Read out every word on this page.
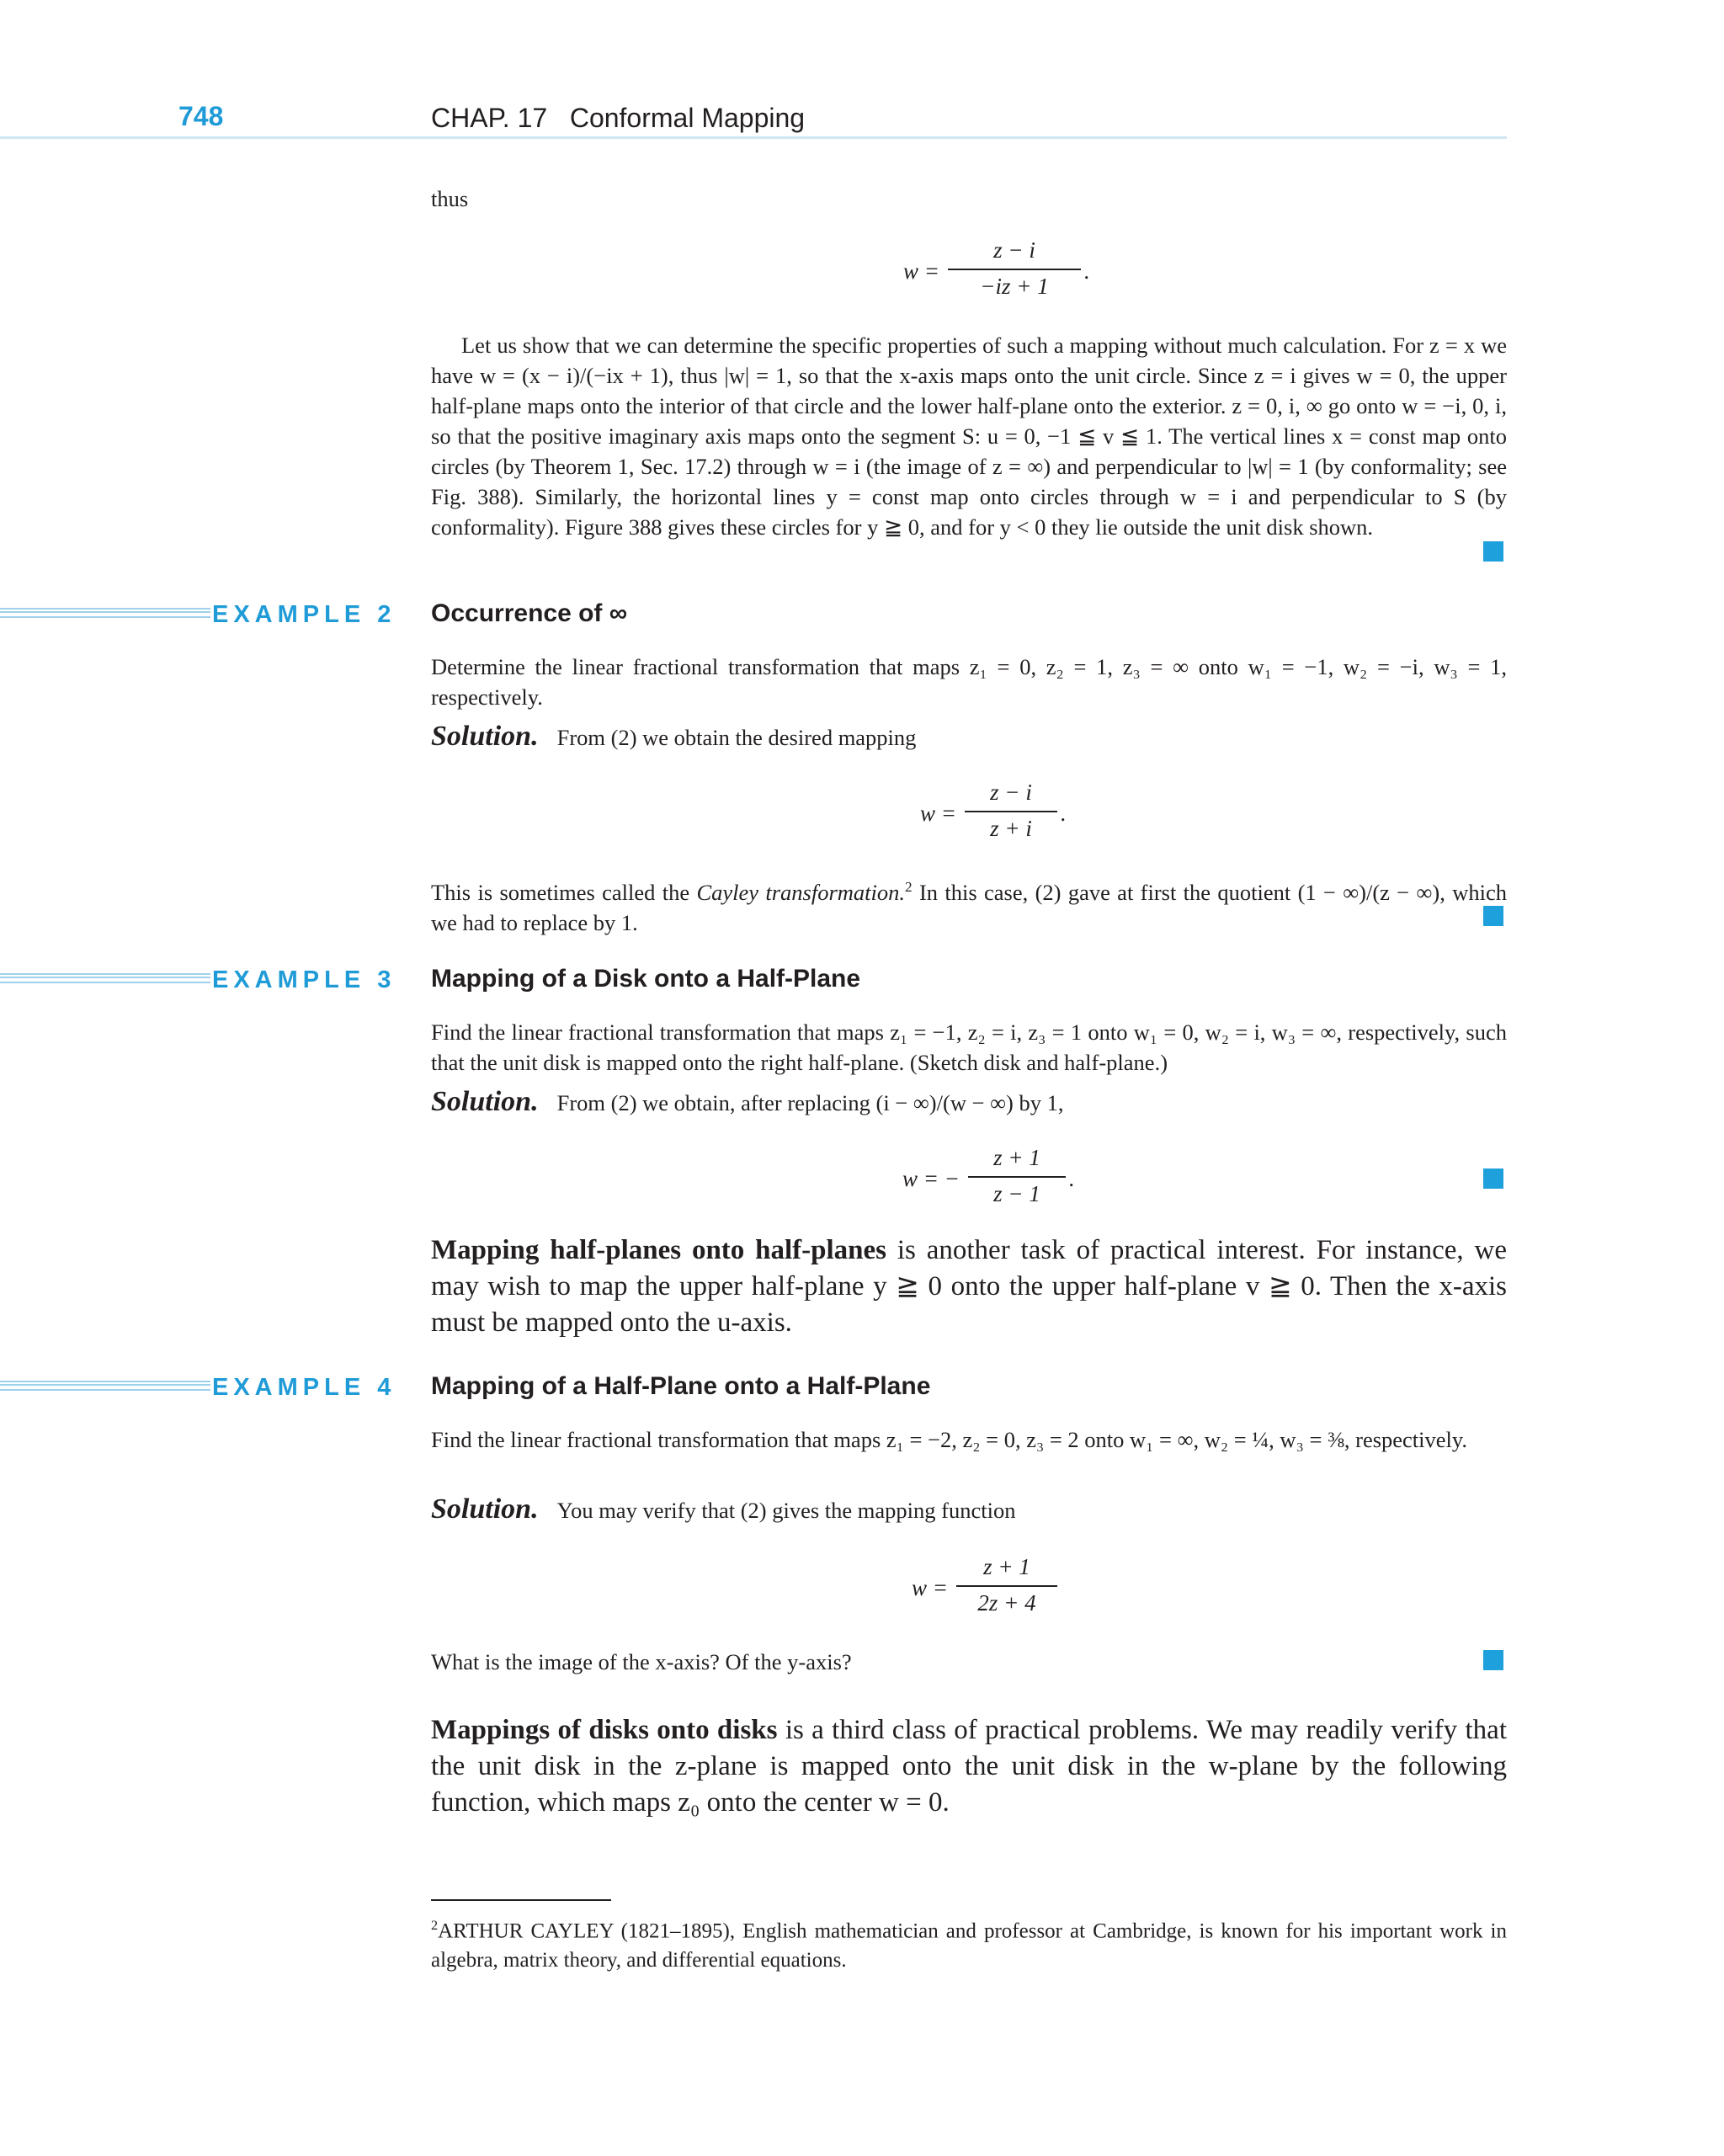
748	CHAP. 17   Conformal Mapping
thus
w =
z − i
−iz + 1
.
Let us show that we can determine the specific properties of such a mapping without much calculation. For z = x we have w = (x − i)/(−ix + 1), thus |w| = 1, so that the x-axis maps onto the unit circle. Since z = i gives w = 0, the upper half-plane maps onto the interior of that circle and the lower half-plane onto the exterior. z = 0, i, ∞ go onto w = −i, 0, i, so that the positive imaginary axis maps onto the segment S: u = 0, −1 ≦ v ≦ 1. The vertical lines x = const map onto circles (by Theorem 1, Sec. 17.2) through w = i (the image of z = ∞) and perpendicular to |w| = 1 (by conformality; see Fig. 388). Similarly, the horizontal lines y = const map onto circles through w = i and perpendicular to S (by conformality). Figure 388 gives these circles for y ≧ 0, and for y < 0 they lie outside the unit disk shown.
EXAMPLE 2 Occurrence of ∞
Determine the linear fractional transformation that maps z₁ = 0, z₂ = 1, z₃ = ∞ onto w₁ = −1, w₂ = −i, w₃ = 1, respectively.
Solution. From (2) we obtain the desired mapping
w =
z − i
z + i
.
This is sometimes called the Cayley transformation.$^2$ In this case, (2) gave at first the quotient (1 − ∞)/(z − ∞), which we had to replace by 1.
EXAMPLE 3 Mapping of a Disk onto a Half-Plane
Find the linear fractional transformation that maps z₁ = −1, z₂ = i, z₃ = 1 onto w₁ = 0, w₂ = i, w₃ = ∞, respectively, such that the unit disk is mapped onto the right half-plane. (Sketch disk and half-plane.)
Solution. From (2) we obtain, after replacing (i − ∞)/(w − ∞) by 1,
w = −
z + 1
z − 1
.
Mapping half-planes onto half-planes is another task of practical interest. For instance, we may wish to map the upper half-plane y ≧ 0 onto the upper half-plane v ≧ 0. Then the x-axis must be mapped onto the u-axis.
EXAMPLE 4 Mapping of a Half-Plane onto a Half-Plane
Find the linear fractional transformation that maps z₁ = −2, z₂ = 0, z₃ = 2 onto w₁ = ∞, w₂ = ¼, w₃ = ⅜, respectively.
Solution. You may verify that (2) gives the mapping function
w =
z + 1
2z + 4
What is the image of the x-axis? Of the y-axis?
Mappings of disks onto disks is a third class of practical problems. We may readily verify that the unit disk in the z-plane is mapped onto the unit disk in the w-plane by the following function, which maps z₀ onto the center w = 0.
$^2$ARTHUR CAYLEY (1821–1895), English mathematician and professor at Cambridge, is known for his important work in algebra, matrix theory, and differential equations.
